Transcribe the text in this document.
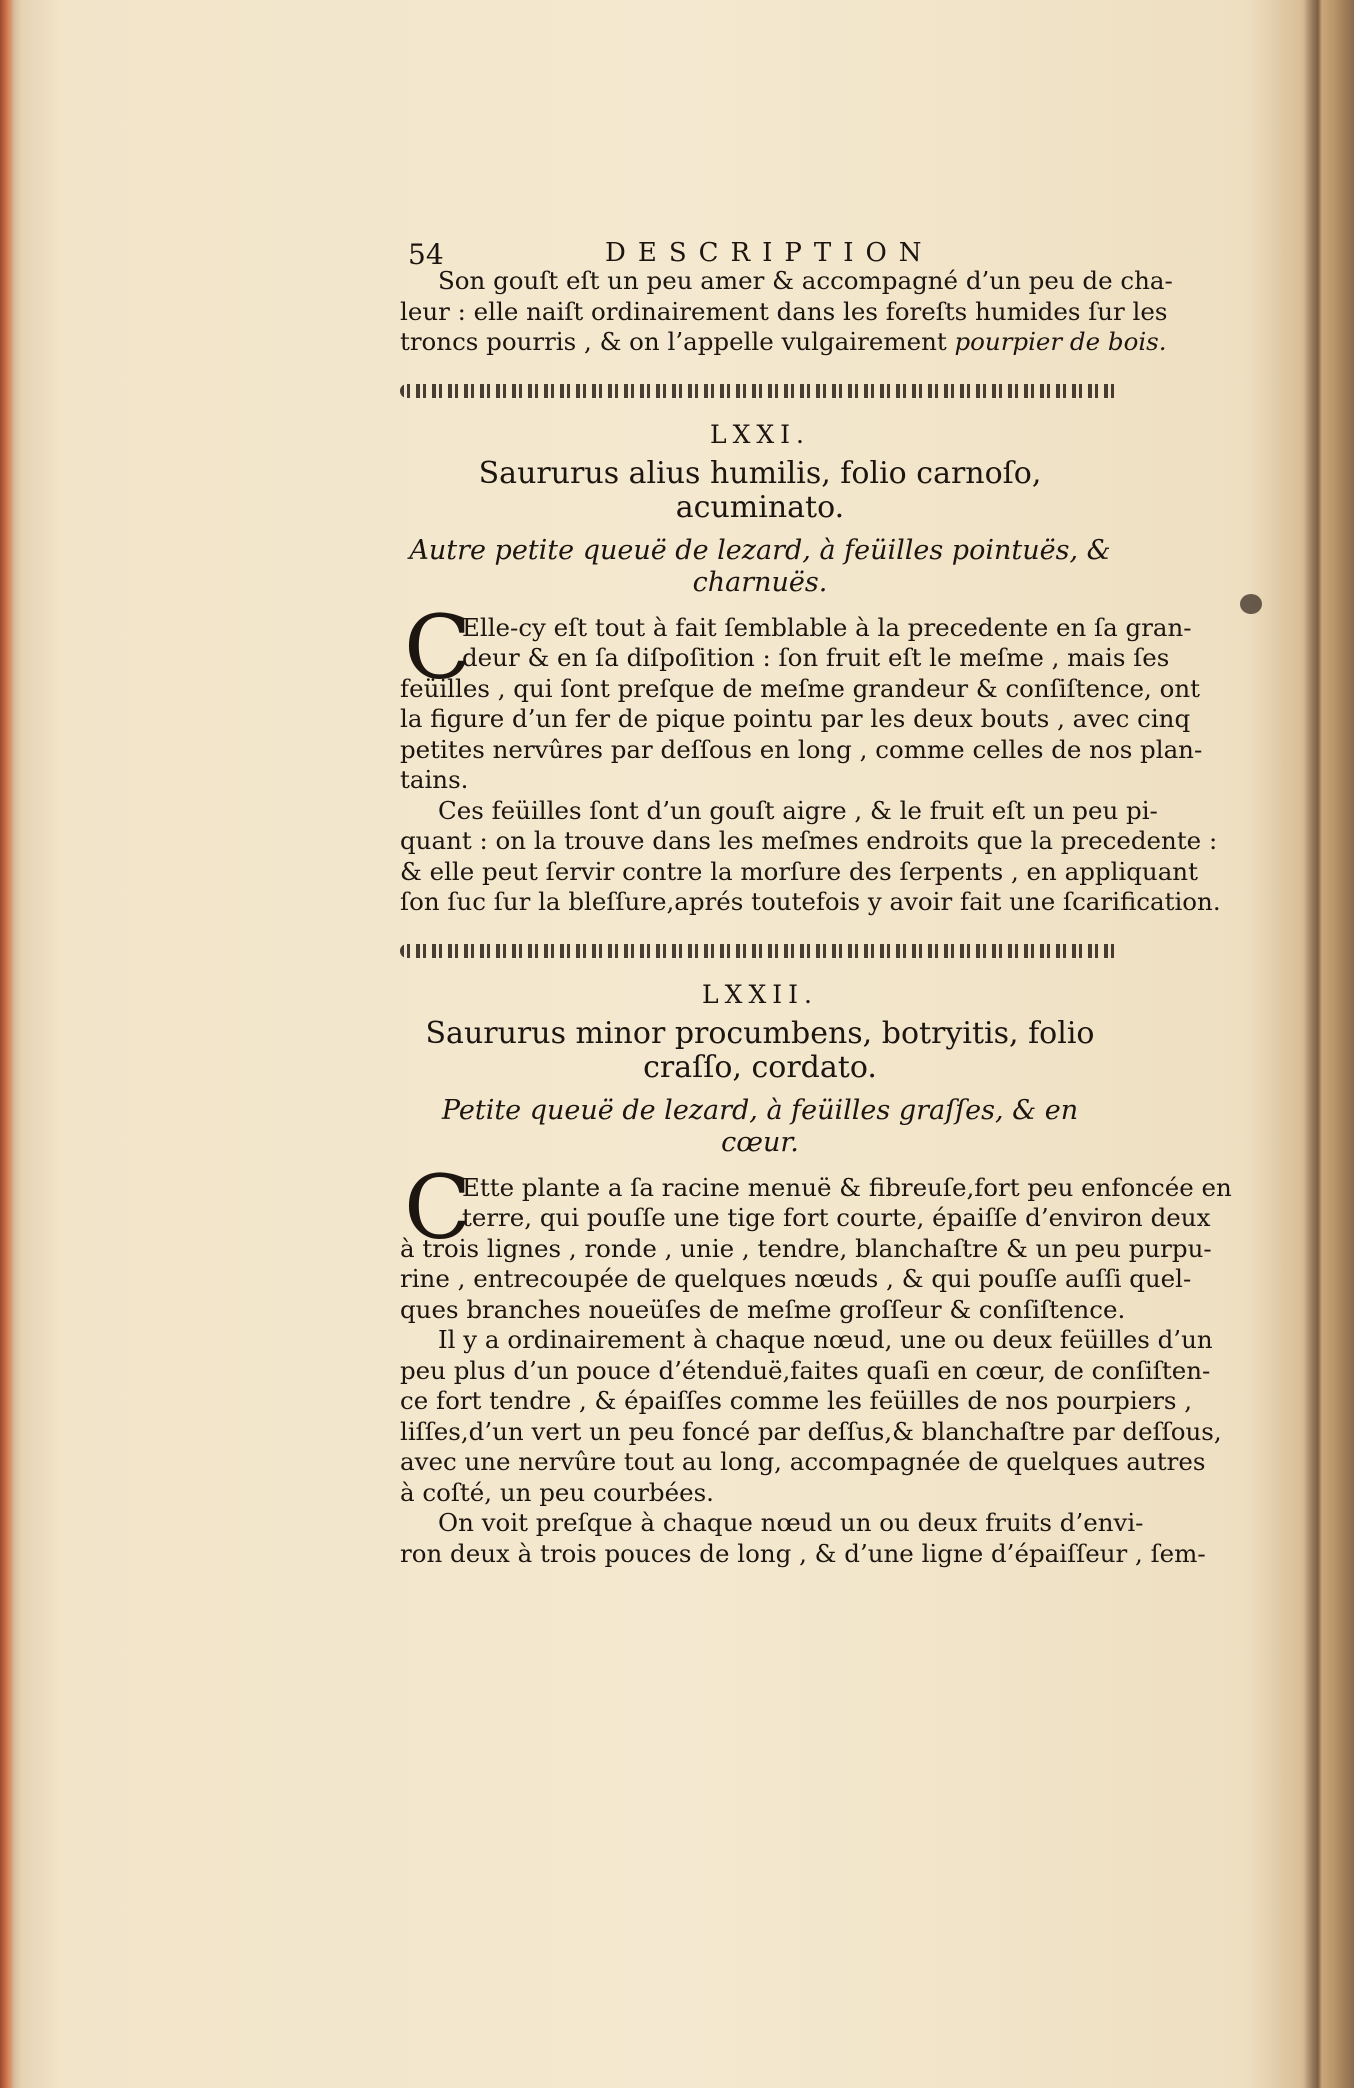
54	DESCRIPTION
Son gouſt eſt un peu amer & accompagné d’un peu de cha-
leur : elle naiſt ordinairement dans les foreſts humides ſur les
troncs pourris , & on l’appelle vulgairement pourpier de bois.
LXXI.
Saururus alius humilis, folio carnoſo, acuminato.
Autre petite queuë de lezard, à feüilles pointuës, & charnuës.
C
Elle-cy eſt tout à fait ſemblable à la precedente en ſa gran-
deur & en ſa diſpoſition : ſon fruit eſt le meſme , mais ſes
feüilles , qui ſont preſque de meſme grandeur & conſiſtence, ont
la figure d’un fer de pique pointu par les deux bouts , avec cinq
petites nervûres par deſſous en long , comme celles de nos plan-
tains.
Ces feüilles ſont d’un gouſt aigre , & le fruit eſt un peu pi-
quant : on la trouve dans les meſmes endroits que la precedente :
& elle peut ſervir contre la morſure des ſerpents , en appliquant
ſon ſuc ſur la bleſſure,aprés toutefois y avoir fait une ſcarification.
LXXII.
Saururus minor procumbens, botryitis, folio craſſo, cordato.
Petite queuë de lezard, à feüilles graſſes, & en cœur.
C
Ette plante a ſa racine menuë & fibreuſe,fort peu enfoncée en
terre, qui pouſſe une tige fort courte, épaiſſe d’environ deux
à trois lignes , ronde , unie , tendre, blanchaſtre & un peu purpu-
rine , entrecoupée de quelques nœuds , & qui pouſſe auſſi quel-
ques branches noueüſes de meſme groſſeur & conſiſtence.
Il y a ordinairement à chaque nœud, une ou deux feüilles d’un
peu plus d’un pouce d’étenduë,faites quaſi en cœur, de conſiſten-
ce fort tendre , & épaiſſes comme les feüilles de nos pourpiers ,
liſſes,d’un vert un peu foncé par deſſus,& blanchaſtre par deſſous,
avec une nervûre tout au long, accompagnée de quelques autres
à coſté, un peu courbées.
On voit preſque à chaque nœud un ou deux fruits d’envi-
ron deux à trois pouces de long , & d’une ligne d’épaiſſeur , ſem-
